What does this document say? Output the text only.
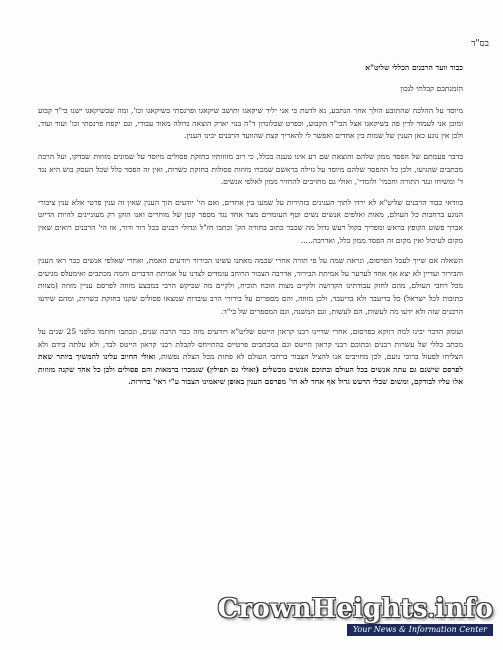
בס"ד

כבוד וועד הרבנים הכללי שליט"א

הזמנתכם קבלתי לנכון

מיוסד על ההלכה שהתובע הולך אחר הנתבע, נא לדעת כי אני יליד שיקאגו ותושב שיקאגו ופרנסתי בשיקאגו וכו', ומה שבשיקאגו ישנו בי"ד קבוע ומוכן אני לעמוד לדין פה בשיקאגו אצל הבי"ד הקבוע, וכפרט שבלונדון ד"ה בנוי יארק הוצאה גדולה מאוד עבורי, וגם יקפח פרנסתי וכו' ועוד ועוד, ולכן אין נוגע כאן הענין של שמות בין אחדים ואפשר לי להאריך קצת שהוועד הרבנים יבינו הענין.

בדבר פעמתם של הפסד ממון שלהם והוצאת שם רע אינו טענה בכלל, כי רוב מזוזותיו בחזקת פסולים מיוסד על שמונים מזוזות שבדקו, ועל הרבה מכתבים שהגיעו, ולכן כל ההפסד שלהם מיוסד על גזילה בראשם שמכרו מזוזות פסולות בחזקת כשרות, ואין זה הפסד כלל שכל העסק בוש היא נגד ד' ומשיחו ונגד התורה וחכמי' ולומדי', ואולי גם מחויבים להחזיר ממון לאלפי אנשים.

בוודאי כבוד הרבנים שליט"א לא ירדו לתוך הענינים בזהירות על שמעו בין אחדים, ואם הי' יודעים תוך הענין שאין זה ענין פרטי אלא ענין ציבורי הנוגע ברחבות כל העולם, מאות ואלפים אנשים נשים וטף העומדים מצד אחד נגד מספר קטן של מוחרים ואנו הזקן רק מעוניינים להיות הדיוט אברך פשוט הקופץ בראש ומפריך בקול רעש גדול מה שכבר כתוב בתורה הק' וכתבו חז"ל וגדולי רבנים בכל דור ודור, אז הי' הרבנים רואים שאין מקום לעיכול ואין מקום זה הפסד ממון כלל, ואדרבה.....

השאלה אם שייך לעכל הפרסום, ונראה שמה על פי תורה אחרי שכמה מאתנו עשינו הבירור ויודעים האמת, ואחרי שאלפי אנשים כבר ראו הענין והבירור ועדיין לא יצא אף אחד לערער על אמיתת הבירור, אדרבה הצבור הרוחב עומדים לצדנו על אמיתת הדברים והמה מכתבים ואימעלס מגיעים מכל רחבי העולם, מהם לחזק עבודתינו הקדושה ולקיים מצות הוכח תוכיח, ולקיים מה שביקש הרבי במבצע מזוזה לפרסם עניין מזוזה (מצוות כתובות לכל ישראל) כל בדיעבד ולא בדיעבד, ולכן מזוזה, והם מספרים על בירורי הרב עובדות שמצאו פסולים שקנו בחזקת כשרות, ומהם שידעו הרבנים שזה ולא ידעו מה לעשות, הם לעשות, וגם המשנה, וגם המספרים של בי"ד.

ועומק הדבר יבינו למה דווקא בפרסום, אחרי שדיינו רבנו קראון הייטס שליט"א ויודעים מזה כבר הרבה שנים, ונכתבו וחתמו כלפני 25 שנים על מכתב כללי של עשרות רבנים ובתוכם רבני קראון הייטס וגם במכתבים פרטיים בהתייחס לקבלת רבני קראון הייטס לבד, ולא עלתה בידם ולא הצליחו לפעול ברוכי נועם, לכן מחויבים אנו להציל הצבור ברחבי העולם לא פחות מכל הצלת נפשות, ואולי החיוב עלינו להמשיך ביותר שאת לפרסם שישנם גם עתה אנשים בכל העולם ובתוכם אנשים מכשלים (ואולי גם תפילין) שנמכרו ברמאות והם פסולים ולכן כל אחד שקנה מזוזות אלו עליו לבודקם, ומשום שבלי הרעש גדול אף אחד לא הי' מפרסם הענין באופן שיאמינו הצבור ע"י ראי' ברורות.

CrownHeights.info
Your News & Information Center
